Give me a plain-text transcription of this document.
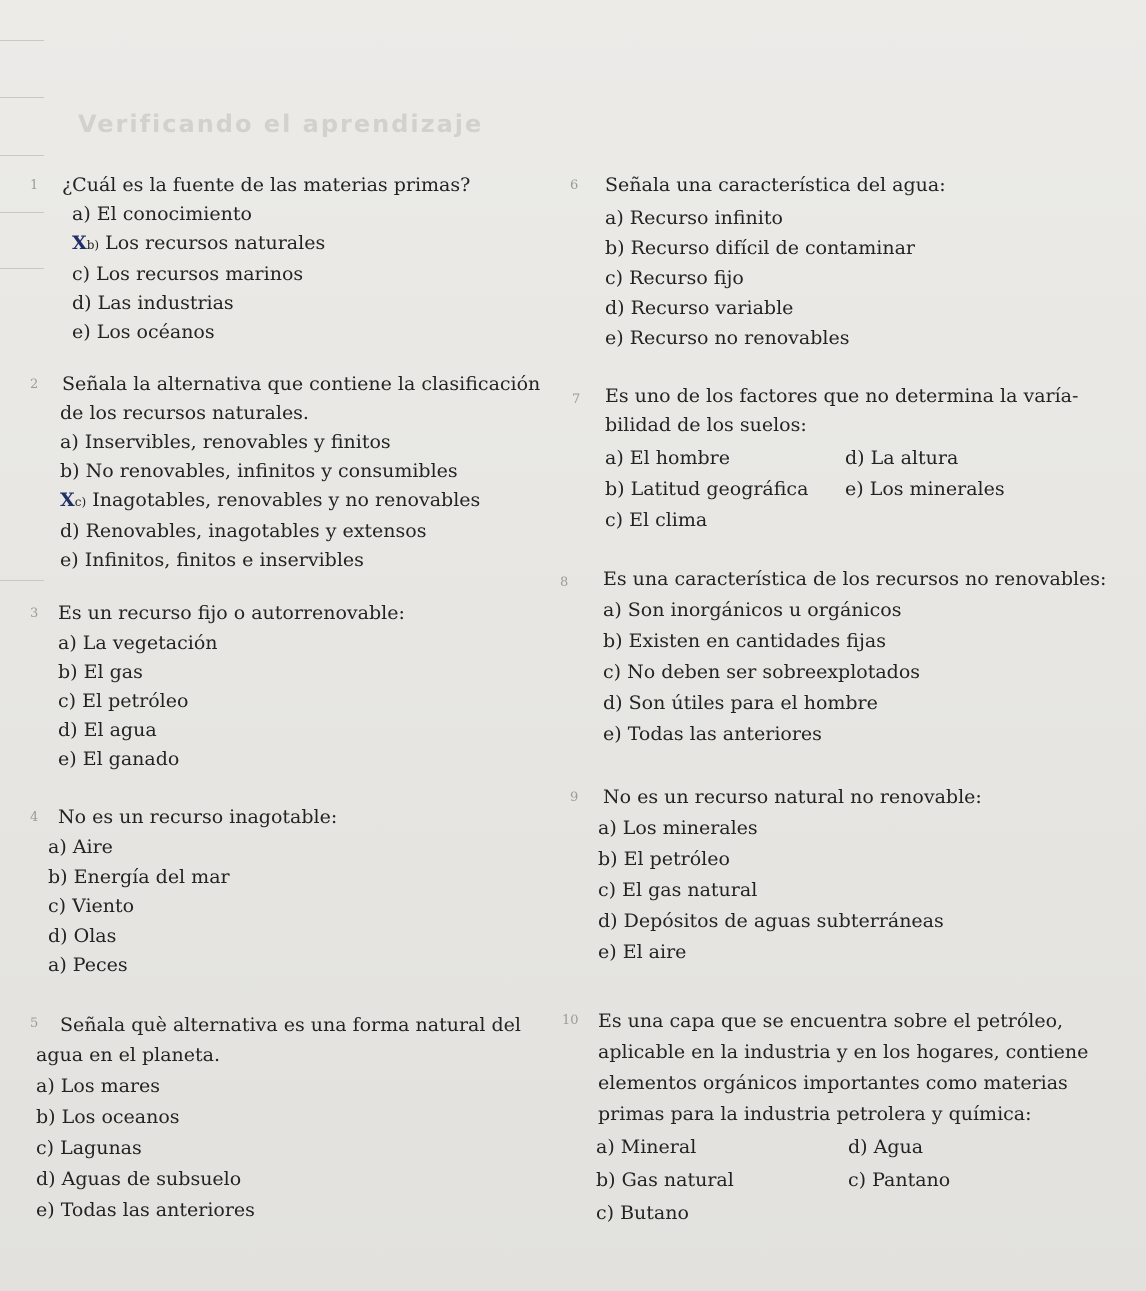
Verificando el aprendizaje
1 ¿Cuál es la fuente de las materias primas?

a) El conocimiento

Xb) Los recursos naturales

c) Los recursos marinos

d) Las industrias

e) Los océanos

6 Señala una característica del agua:

a) Recurso infinito

b) Recurso difícil de contaminar

c) Recurso fijo

d) Recurso variable

e) Recurso no renovables

2 Señala la alternativa que contiene la clasificación

de los recursos naturales.

a) Inservibles, renovables y finitos

b) No renovables, infinitos y consumibles

Xc) Inagotables, renovables y no renovables

d) Renovables, inagotables y extensos

e) Infinitos, finitos e inservibles

7 Es uno de los factores que no determina la varía-

bilidad de los suelos:

a) El hombre	d) La altura
b) Latitud geográfica	e) Los minerales
c) El clima
8 Es una característica de los recursos no renovables:

a) Son inorgánicos u orgánicos

b) Existen en cantidades fijas

c) No deben ser sobreexplotados

d) Son útiles para el hombre

e) Todas las anteriores

3 Es un recurso fijo o autorrenovable:

a) La vegetación

b) El gas

c) El petróleo

d) El agua

e) El ganado

9 No es un recurso natural no renovable:

a) Los minerales

b) El petróleo

c) El gas natural

d) Depósitos de aguas subterráneas

e) El aire

4 No es un recurso inagotable:

a) Aire

b) Energía del mar

c) Viento

d) Olas

a) Peces

5 Señala què alternativa es una forma natural del

agua en el planeta.

a) Los mares

b) Los oceanos

c) Lagunas

d) Aguas de subsuelo

e) Todas las anteriores

10 Es una capa que se encuentra sobre el petróleo,

aplicable en la industria y en los hogares, contiene

elementos orgánicos importantes como materias

primas para la industria petrolera y química:

a) Mineral	d) Agua
b) Gas natural	c) Pantano
c) Butano
